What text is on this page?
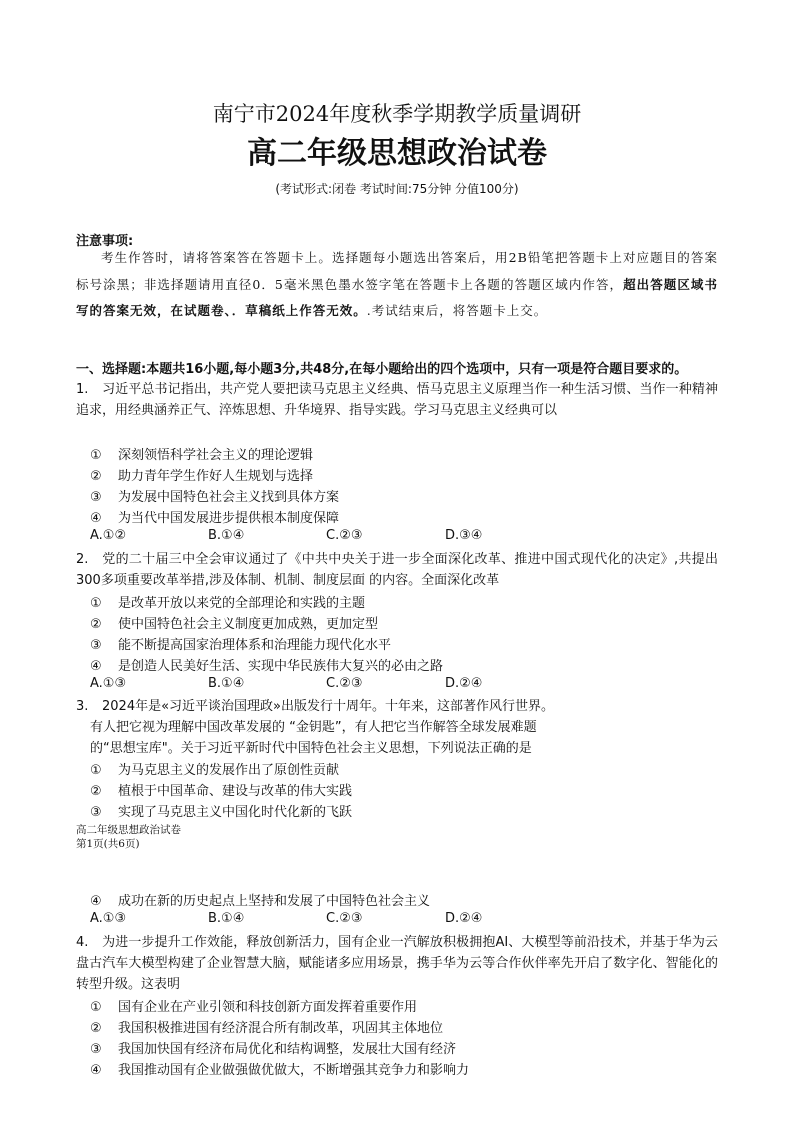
南宁市2024年度秋季学期教学质量调研
高二年级思想政治试卷
(考试形式:闭卷 考试时间:75分钟 分值100分)
注意事项:
考生作答时，请将答案答在答题卡上。选择题每小题选出答案后，用2B铅笔把答题卡上对应题目的答案标号涂黑；非选择题请用直径0．5毫米黑色墨水签字笔在答题卡上各题的答题区域内作答，超出答题区域书写的答案无效，在试题卷、．草稿纸上作答无效。.考试结束后，将答题卡上交。
一、选择题:本题共16小题,每小题3分,共48分,在每小题给出的四个选项中，只有一项是符合题目要求的。
1. 习近平总书记指出，共产党人要把读马克思主义经典、悟马克思主义原理当作一种生活习惯、当作一种精神追求，用经典涵养正气、淬炼思想、升华境界、指导实践。学习马克思主义经典可以
① 深刻领悟科学社会主义的理论逻辑
② 助力青年学生作好人生规划与选择
③ 为发展中国特色社会主义找到具体方案
④ 为当代中国发展进步提供根本制度保障
A.①②	B.①④	C.②③	D.③④
2. 党的二十届三中全会审议通过了《中共中央关于进一步全面深化改革、推进中国式现代化的决定》,共提出300多项重要改革举措,涉及体制、机制、制度层面 的内容。全面深化改革
① 是改革开放以来党的全部理论和实践的主题
② 使中国特色社会主义制度更加成熟，更加定型
③ 能不断提高国家治理体系和治理能力现代化水平
④ 是创造人民美好生活、实现中华民族伟大复兴的必由之路
A.①③	B.①④	C.②③	D.②④
3. 2024年是«习近平谈治国理政»出版发行十周年。十年来，这部著作风行世界。
有人把它视为理解中国改革发展的 “金钥匙”，有人把它当作解答全球发展难题
的“思想宝库"。关于习近平新时代中国特色社会主义思想，下列说法正确的是
① 为马克思主义的发展作出了原创性贡献
② 植根于中国革命、建设与改革的伟大实践
③ 实现了马克思主义中国化时代化新的飞跃
高二年级思想政治试卷
第1页(共6页)
④ 成功在新的历史起点上坚持和发展了中国特色社会主义
A.①③	B.①④	C.②③	D.②④
4. 为进一步提升工作效能，释放创新活力，国有企业一汽解放积极拥抱AI、大模型等前沿技术，并基于华为云盘古汽车大模型构建了企业智慧大脑，赋能诸多应用场景，携手华为云等合作伙伴率先开启了数字化、智能化的转型升级。这表明
① 国有企业在产业引领和科技创新方面发挥着重要作用
② 我国积极推进国有经济混合所有制改革，巩固其主体地位
③ 我国加快国有经济布局优化和结构调整，发展壮大国有经济
④ 我国推动国有企业做强做优做大，不断增强其竞争力和影响力
